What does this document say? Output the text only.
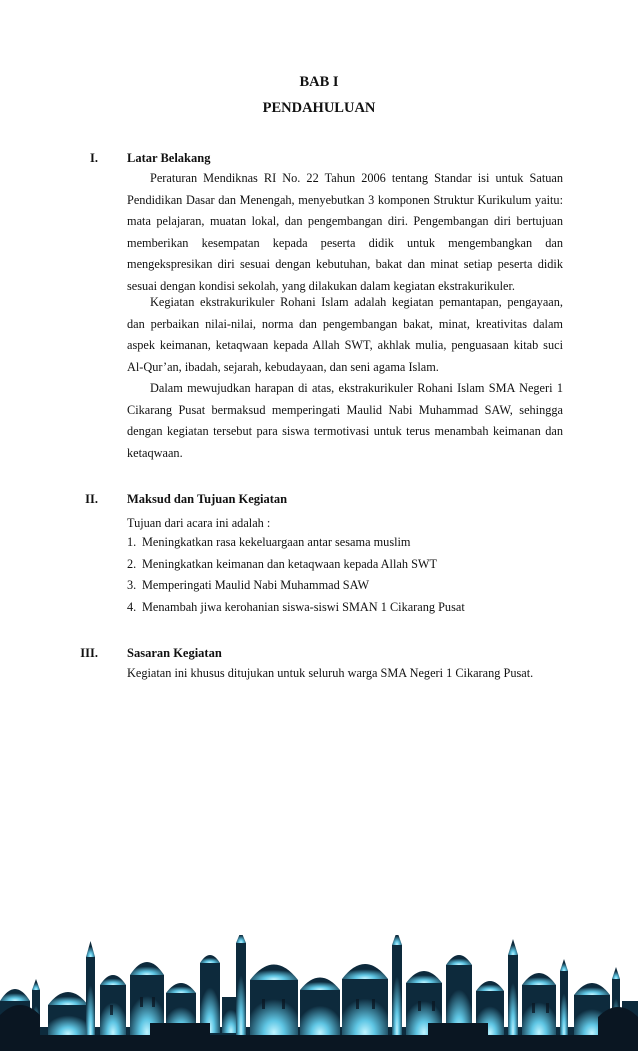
BAB I
PENDAHULUAN
I. Latar Belakang

Peraturan Mendiknas RI No. 22 Tahun 2006 tentang Standar isi untuk Satuan Pendidikan Dasar dan Menengah, menyebutkan 3 komponen Struktur Kurikulum yaitu: mata pelajaran, muatan lokal, dan pengembangan diri. Pengembangan diri bertujuan memberikan kesempatan kepada peserta didik untuk mengembangkan dan mengekspresikan diri sesuai dengan kebutuhan, bakat dan minat setiap peserta didik sesuai dengan kondisi sekolah, yang dilakukan dalam kegiatan ekstrakurikuler.

Kegiatan ekstrakurikuler Rohani Islam adalah kegiatan pemantapan, pengayaan, dan perbaikan nilai-nilai, norma dan pengembangan bakat, minat, kreativitas dalam aspek keimanan, ketaqwaan kepada Allah SWT, akhlak mulia, penguasaan kitab suci Al-Qur’an, ibadah, sejarah, kebudayaan, dan seni agama Islam.

Dalam mewujudkan harapan di atas, ekstrakurikuler Rohani Islam SMA Negeri 1 Cikarang Pusat bermaksud memperingati Maulid Nabi Muhammad SAW, sehingga dengan kegiatan tersebut para siswa termotivasi untuk terus menambah keimanan dan ketaqwaan.

II. Maksud dan Tujuan Kegiatan
Tujuan dari acara ini adalah :
1. Meningkatkan rasa kekeluargaan antar sesama muslim
2. Meningkatkan keimanan dan ketaqwaan kepada Allah SWT
3. Memperingati Maulid Nabi Muhammad SAW
4. Menambah jiwa kerohanian siswa-siswi SMAN 1 Cikarang Pusat
III. Sasaran Kegiatan
Kegiatan ini khusus ditujukan untuk seluruh warga SMA Negeri 1 Cikarang Pusat.
